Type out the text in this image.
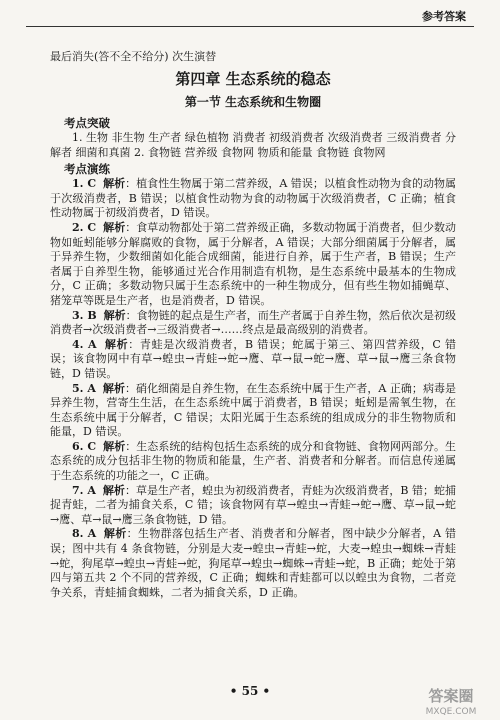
参考答案

最后消失(答不全不给分) 次生演替

第四章 生态系统的稳态
第一节 生态系统和生物圈
考点突破

1. 生物 非生物 生产者 绿色植物 消费者 初级消费者 次级消费者 三级消费者 分解者 细菌和真菌 2. 食物链 营养级 食物网 物质和能量 食物链 食物网

考点演练

1. C 解析：植食性生物属于第二营养级，A 错误；以植食性动物为食的动物属于次级消费者，B 错误；以植食性动物为食的动物属于次级消费者，C 正确；植食性动物属于初级消费者，D 错误。

2. C 解析：食草动物都处于第二营养级正确，多数动物属于消费者，但少数动物如蚯蚓能够分解腐败的食物，属于分解者，A 错误；大部分细菌属于分解者，属于异养生物，少数细菌如化能合成细菌，能进行自养，属于生产者，B 错误；生产者属于自养型生物，能够通过光合作用制造有机物，是生态系统中最基本的生物成分，C 正确；多数动物只属于生态系统中的一种生物成分，但有些生物如捕蝇草、猪笼草等既是生产者，也是消费者，D 错误。

3. B 解析：食物链的起点是生产者，而生产者属于自养生物，然后依次是初级消费者→次级消费者→三级消费者→……终点是最高级别的消费者。

4. A 解析：青蛙是次级消费者，B 错误；蛇属于第三、第四营养级，C 错误；该食物网中有草→蝗虫→青蛙→蛇→鹰、草→鼠→蛇→鹰、草→鼠→鹰三条食物链，D 错误。

5. A 解析：硝化细菌是自养生物，在生态系统中属于生产者，A 正确；病毒是异养生物，营寄生生活，在生态系统中属于消费者，B 错误；蚯蚓是需氧生物，在生态系统中属于分解者，C 错误；太阳光属于生态系统的组成成分的非生物物质和能量，D 错误。

6. C 解析：生态系统的结构包括生态系统的成分和食物链、食物网两部分。生态系统的成分包括非生物的物质和能量，生产者、消费者和分解者。而信息传递属于生态系统的功能之一，C 正确。

7. A 解析：草是生产者，蝗虫为初级消费者，青蛙为次级消费者，B 错；蛇捕捉青蛙，二者为捕食关系，C 错；该食物网有草→蝗虫→青蛙→蛇→鹰、草→鼠→蛇→鹰、草→鼠→鹰三条食物链，D 错。

8. A 解析：生物群落包括生产者、消费者和分解者，图中缺少分解者，A 错误；图中共有 4 条食物链，分别是大麦→蝗虫→青蛙→蛇，大麦→蝗虫→蜘蛛→青蛙→蛇，狗尾草→蝗虫→青蛙→蛇，狗尾草→蝗虫→蜘蛛→青蛙→蛇，B 正确；蛇处于第四与第五共 2 个不同的营养级，C 正确；蜘蛛和青蛙都可以以蝗虫为食物，二者竞争关系，青蛙捕食蜘蛛，二者为捕食关系，D 正确。

• 55 •	答案圈
MXQE.COM
